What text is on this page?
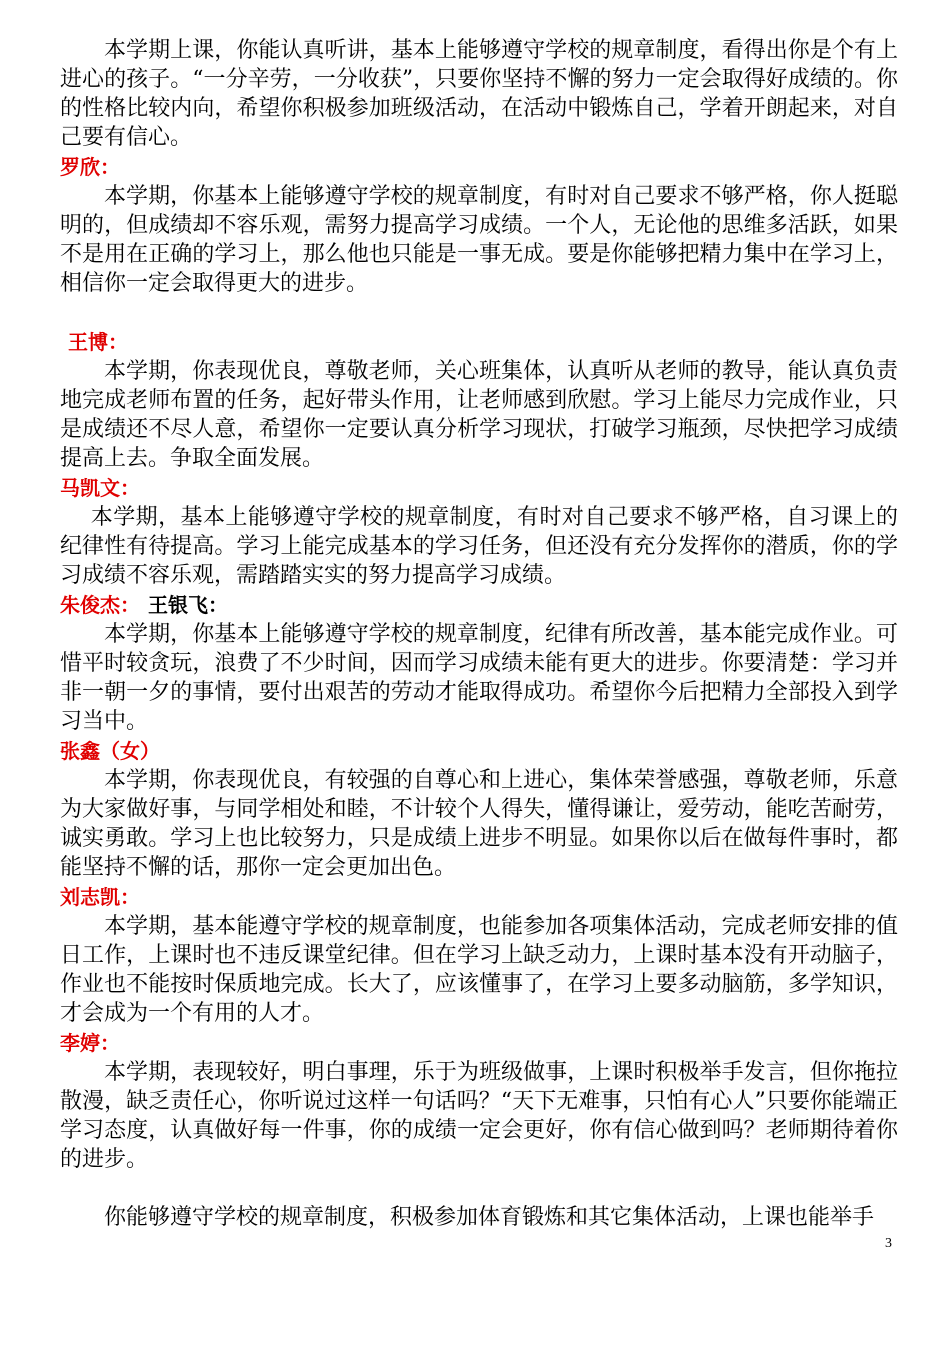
本学期上课，你能认真听讲，基本上能够遵守学校的规章制度，看得出你是个有上进心的孩子。“一分辛劳，一分收获”，只要你坚持不懈的努力一定会取得好成绩的。你的性格比较内向，希望你积极参加班级活动，在活动中锻炼自己，学着开朗起来，对自己要有信心。

罗欣：

本学期，你基本上能够遵守学校的规章制度，有时对自己要求不够严格，你人挺聪明的，但成绩却不容乐观，需努力提高学习成绩。一个人，无论他的思维多活跃，如果不是用在正确的学习上，那么他也只能是一事无成。要是你能够把精力集中在学习上，相信你一定会取得更大的进步。

王博：

本学期，你表现优良，尊敬老师，关心班集体，认真听从老师的教导，能认真负责地完成老师布置的任务，起好带头作用，让老师感到欣慰。学习上能尽力完成作业，只是成绩还不尽人意，希望你一定要认真分析学习现状，打破学习瓶颈，尽快把学习成绩提高上去。争取全面发展。

马凯文：

本学期，基本上能够遵守学校的规章制度，有时对自己要求不够严格，自习课上的纪律性有待提高。学习上能完成基本的学习任务，但还没有充分发挥你的潜质，你的学习成绩不容乐观，需踏踏实实的努力提高学习成绩。

朱俊杰： 王银飞：

本学期，你基本上能够遵守学校的规章制度，纪律有所改善，基本能完成作业。可惜平时较贪玩，浪费了不少时间，因而学习成绩未能有更大的进步。你要清楚：学习并非一朝一夕的事情，要付出艰苦的劳动才能取得成功。希望你今后把精力全部投入到学习当中。

张鑫（女）

本学期，你表现优良，有较强的自尊心和上进心，集体荣誉感强，尊敬老师，乐意为大家做好事，与同学相处和睦，不计较个人得失，懂得谦让，爱劳动，能吃苦耐劳，诚实勇敢。学习上也比较努力，只是成绩上进步不明显。如果你以后在做每件事时，都能坚持不懈的话，那你一定会更加出色。

刘志凯：

本学期，基本能遵守学校的规章制度，也能参加各项集体活动，完成老师安排的值日工作，上课时也不违反课堂纪律。但在学习上缺乏动力，上课时基本没有开动脑子，作业也不能按时保质地完成。长大了，应该懂事了，在学习上要多动脑筋，多学知识，才会成为一个有用的人才。

李婷：

本学期，表现较好，明白事理，乐于为班级做事，上课时积极举手发言，但你拖拉散漫，缺乏责任心，你听说过这样一句话吗？“天下无难事，只怕有心人”只要你能端正学习态度，认真做好每一件事，你的成绩一定会更好，你有信心做到吗？老师期待着你的进步。

你能够遵守学校的规章制度，积极参加体育锻炼和其它集体活动，上课也能举手

3
